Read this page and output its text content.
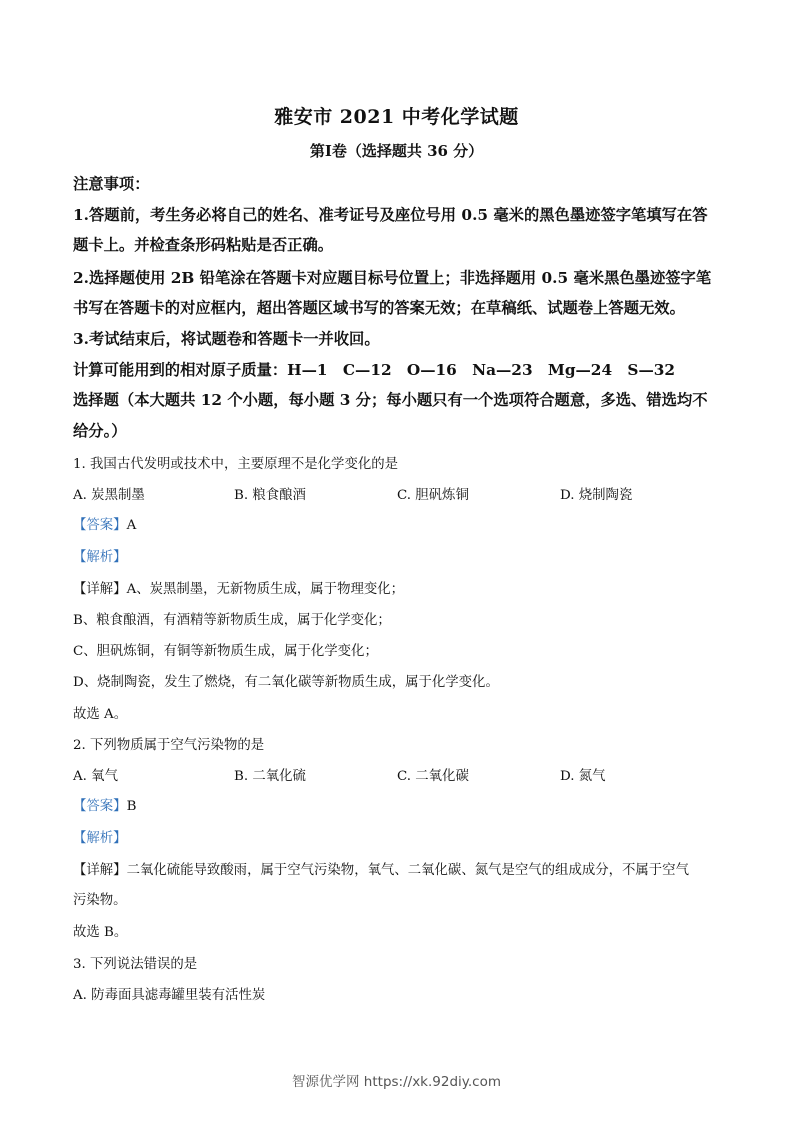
雅安市 2021 中考化学试题
第Ⅰ卷（选择题共 36 分）
注意事项：
1.答题前，考生务必将自己的姓名、准考证号及座位号用 0.5 毫米的黑色墨迹签字笔填写在答
题卡上。并检查条形码粘贴是否正确。
2.选择题使用 2B 铅笔涂在答题卡对应题目标号位置上；非选择题用 0.5 毫米黑色墨迹签字笔
书写在答题卡的对应框内，超出答题区域书写的答案无效；在草稿纸、试题卷上答题无效。
3.考试结束后，将试题卷和答题卡一并收回。
计算可能用到的相对原子质量：H—1　C—12　O—16　Na—23　Mg—24　S—32
选择题（本大题共 12 个小题，每小题 3 分；每小题只有一个选项符合题意，多选、错选均不
给分。）
1. 我国古代发明或技术中，主要原理不是化学变化的是
A. 炭黑制墨	B. 粮食酿酒	C. 胆矾炼铜	D. 烧制陶瓷
【答案】A
【解析】
【详解】A、炭黑制墨，无新物质生成，属于物理变化；
B、粮食酿酒，有酒精等新物质生成，属于化学变化；
C、胆矾炼铜，有铜等新物质生成，属于化学变化；
D、烧制陶瓷，发生了燃烧，有二氧化碳等新物质生成，属于化学变化。
故选 A。
2. 下列物质属于空气污染物的是
A. 氧气	B. 二氧化硫	C. 二氧化碳	D. 氮气
【答案】B
【解析】
【详解】二氧化硫能导致酸雨，属于空气污染物，氧气、二氧化碳、氮气是空气的组成成分，不属于空气
污染物。
故选 B。
3. 下列说法错误的是
A. 防毒面具滤毒罐里装有活性炭
智源优学网 https://xk.92diy.com
